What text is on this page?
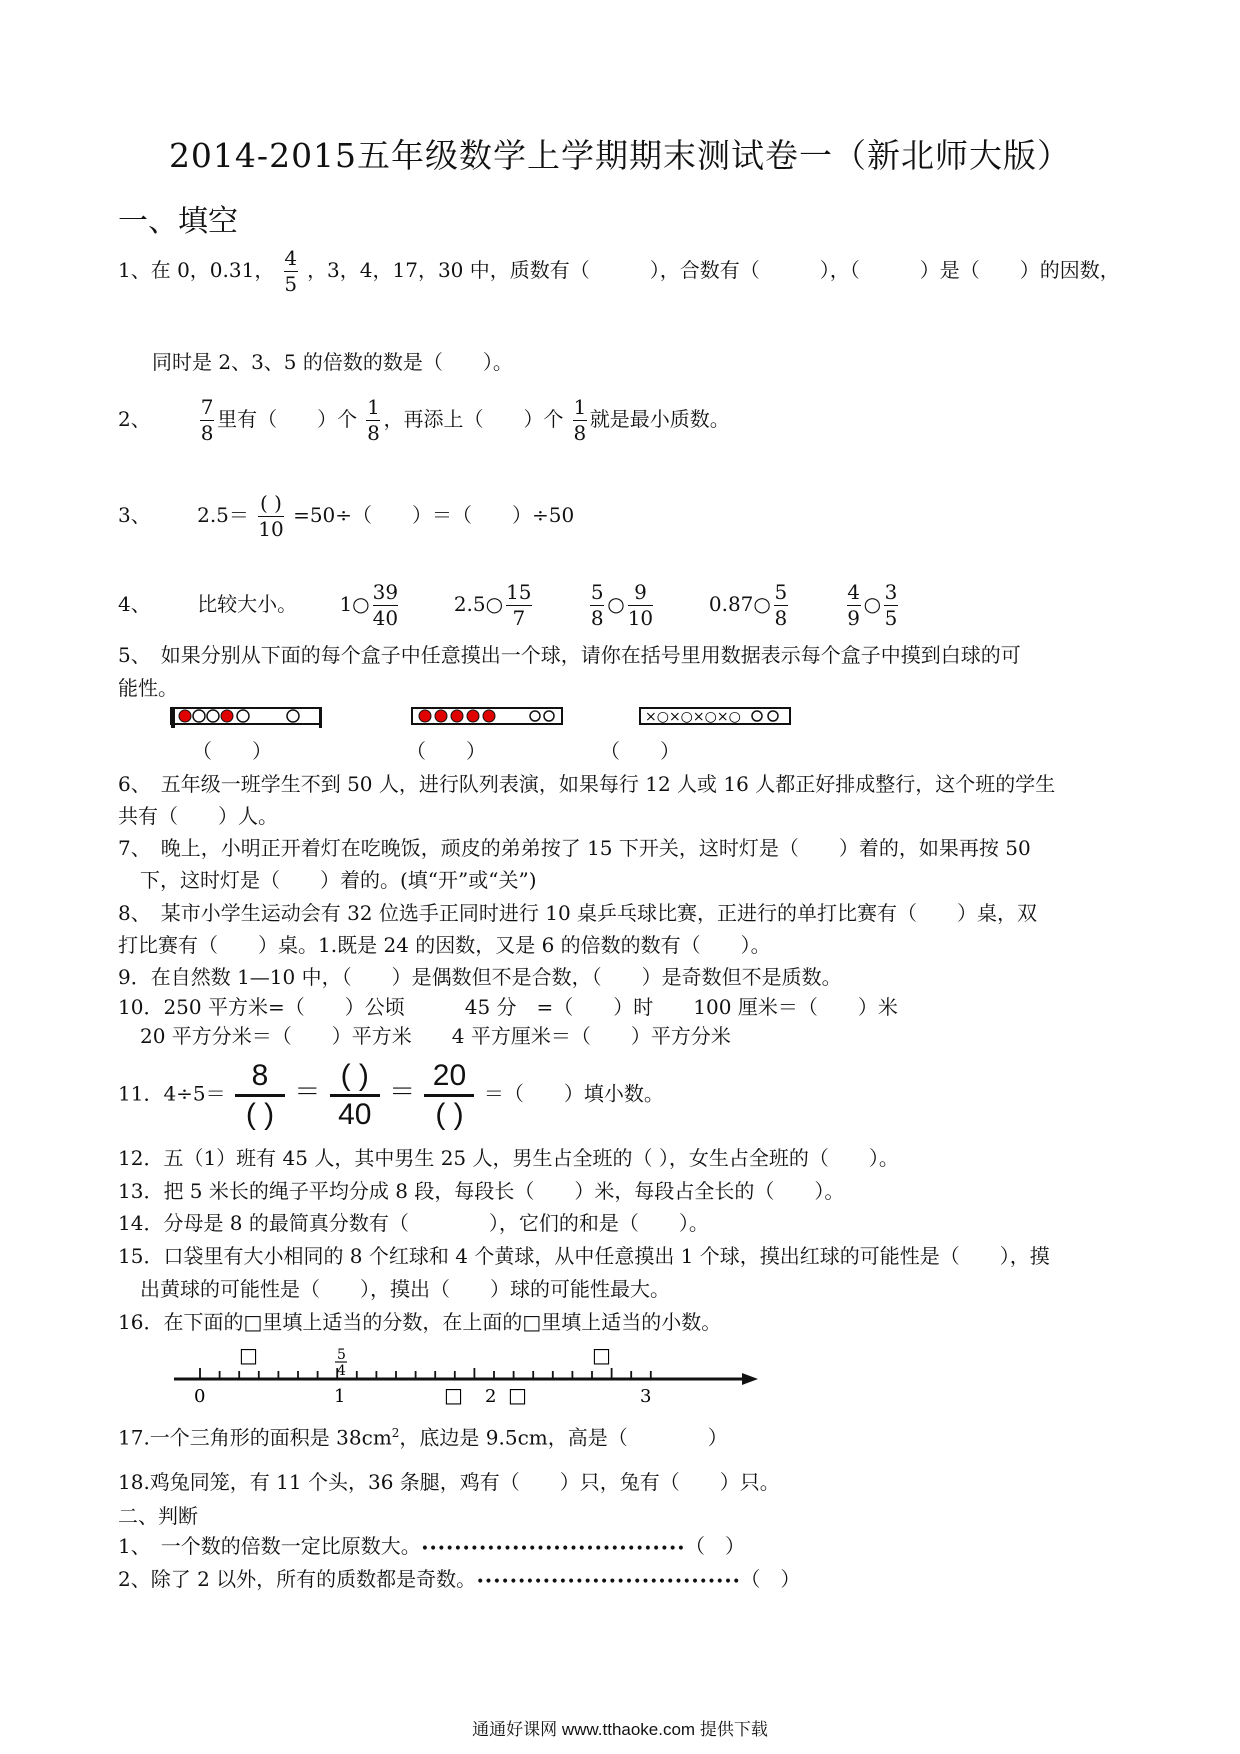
2014-2015五年级数学上学期期末测试卷一（新北师大版）
一、填空
1、在 0，0.31， $\frac{4}{5}$ ，3，4，17，30 中，质数有（　　　），合数有（　　　），（　　　）是（　　）的因数，
同时是 2、3、5 的倍数的数是（　　）。
2、 $\frac{7}{8}$ 里有（　　）个 $\frac{1}{8}$ ，再添上（　　）个 $\frac{1}{8}$ 就是最小质数。
3、 $2.5= \frac{( )}{10} =50\div$（　　）＝（　　）÷50
4、 比较大小。 1○ $\frac{39}{40}$	2.5○ $\frac{15}{7}$
	$\frac{5}{8}$ ○ $\frac{9}{10}$	0.87○ $\frac{5}{8}$
	$\frac{4}{9}$ ○ $\frac{3}{5}$
5、　如果分别从下面的每个盒子中任意摸出一个球，请你在括号里用数据表示每个盒子中摸到白球的可
能性。
×○×○×○×○
（　　）	（　　）	（　　）
6、　五年级一班学生不到 50 人，进行队列表演，如果每行 12 人或 16 人都正好排成整行，这个班的学生
共有（　　）人。
7、　晚上，小明正开着灯在吃晚饭，顽皮的弟弟按了 15 下开关，这时灯是（　　）着的，如果再按 50
下，这时灯是（　　）着的。(填“开”或“关”)
8、　某市小学生运动会有 32 位选手正同时进行 10 桌乒乓球比赛，正进行的单打比赛有（　　）桌，双
打比赛有（　　）桌。1.既是 24 的因数，又是 6 的倍数的数有（　　）。
9．在自然数 1—10 中，（　　）是偶数但不是合数，（　　）是奇数但不是质数。
10．250 平方米=（　　）公顷　　　45 分　=（　　）时　　100 厘米＝（　　）米
20 平方分米＝（　　）平方米　　4 平方厘米＝（　　）平方分米
11．$4\div 5= \frac{8}{( )} = \frac{( )}{40} = \frac{20}{( )}$ ＝（　　）填小数。
12．五（1）班有 45 人，其中男生 25 人，男生占全班的（ ），女生占全班的（　　）。
13．把 5 米长的绳子平均分成 8 段，每段长（　　）米，每段占全长的（　　）。
14．分母是 8 的最简真分数有（　　　　），它们的和是（　　）。
15．口袋里有大小相同的 8 个红球和 4 个黄球，从中任意摸出 1 个球，摸出红球的可能性是（　　），摸
出黄球的可能性是（　　），摸出（　　）球的可能性最大。
16．在下面的□里填上适当的分数，在上面的□里填上适当的小数。
0	1	2	3
5
4
□	□
□ □
17.一个三角形的面积是 $38cm^2$，底边是 9.5cm，高是（　　　　）
18.鸡兔同笼，有 11 个头，36 条腿，鸡有（　　）只，兔有（　　）只。
二、判断
1、　一个数的倍数一定比原数大。••••••••••••••••••••••••••••••••（　）
2、除了 2 以外，所有的质数都是奇数。••••••••••••••••••••••••••••••••（　）
通通好课网 www.tthaoke.com 提供下载
